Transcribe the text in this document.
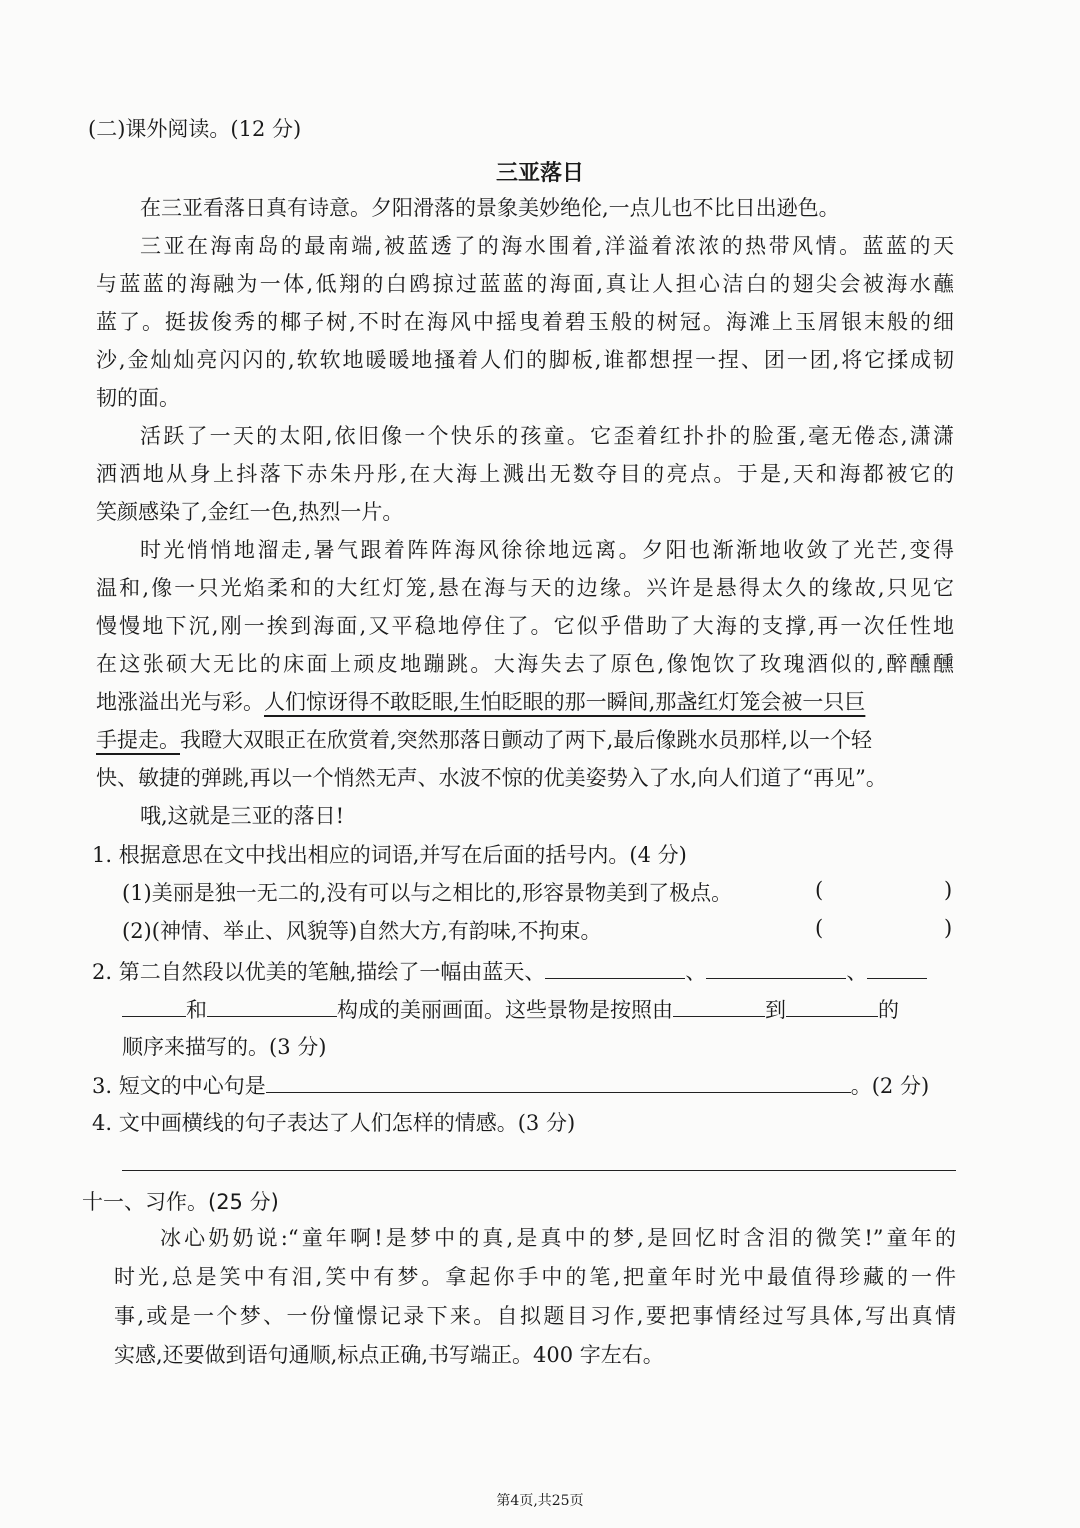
(二)课外阅读。(12 分)
三亚落日
在三亚看落日真有诗意。夕阳滑落的景象美妙绝伦,一点儿也不比日出逊色。
三亚在海南岛的最南端,被蓝透了的海水围着,洋溢着浓浓的热带风情。蓝蓝的天
与蓝蓝的海融为一体,低翔的白鸥掠过蓝蓝的海面,真让人担心洁白的翅尖会被海水蘸
蓝了。挺拔俊秀的椰子树,不时在海风中摇曳着碧玉般的树冠。海滩上玉屑银末般的细
沙,金灿灿亮闪闪的,软软地暖暖地搔着人们的脚板,谁都想捏一捏、团一团,将它揉成韧
韧的面。
活跃了一天的太阳,依旧像一个快乐的孩童。它歪着红扑扑的脸蛋,毫无倦态,潇潇
洒洒地从身上抖落下赤朱丹彤,在大海上溅出无数夺目的亮点。于是,天和海都被它的
笑颜感染了,金红一色,热烈一片。
时光悄悄地溜走,暑气跟着阵阵海风徐徐地远离。夕阳也渐渐地收敛了光芒,变得
温和,像一只光焰柔和的大红灯笼,悬在海与天的边缘。兴许是悬得太久的缘故,只见它
慢慢地下沉,刚一挨到海面,又平稳地停住了。它似乎借助了大海的支撑,再一次任性地
在这张硕大无比的床面上顽皮地蹦跳。大海失去了原色,像饱饮了玫瑰酒似的,醉醺醺
地涨溢出光与彩。人们惊讶得不敢眨眼,生怕眨眼的那一瞬间,那盏红灯笼会被一只巨
手提走。我瞪大双眼正在欣赏着,突然那落日颤动了两下,最后像跳水员那样,以一个轻
快、敏捷的弹跳,再以一个悄然无声、水波不惊的优美姿势入了水,向人们道了“再见”。
哦,这就是三亚的落日!
1. 根据意思在文中找出相应的词语,并写在后面的括号内。(4 分)
(1)美丽是独一无二的,没有可以与之相比的,形容景物美到了极点。	(	)
(2)(神情、举止、风貌等)自然大方,有韵味,不拘束。	(	)
2. 第二自然段以优美的笔触,描绘了一幅由蓝天、	、	、
和	构成的美丽画面。这些景物是按照由	到	的
顺序来描写的。(3 分)
3. 短文的中心句是	。(2 分)
4. 文中画横线的句子表达了人们怎样的情感。(3 分)
十一、习作。(25 分)
冰心奶奶说:“童年啊!是梦中的真,是真中的梦,是回忆时含泪的微笑!”童年的
时光,总是笑中有泪,笑中有梦。拿起你手中的笔,把童年时光中最值得珍藏的一件
事,或是一个梦、一份憧憬记录下来。自拟题目习作,要把事情经过写具体,写出真情
实感,还要做到语句通顺,标点正确,书写端正。400 字左右。
第4页,共25页
